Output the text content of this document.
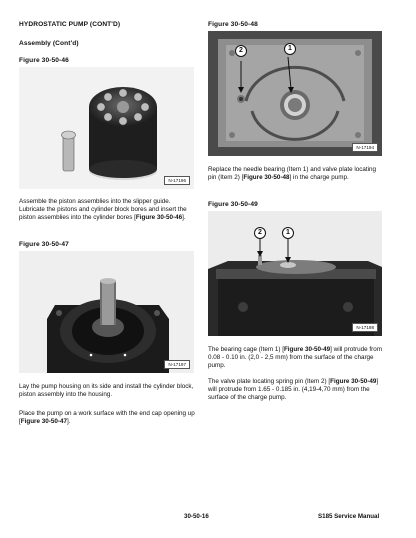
HYDROSTATIC PUMP (CONT'D)
Assembly (Cont'd)
Figure 30-50-46
N-17196
Assemble the piston assemblies into the slipper guide. Lubricate the pistons and cylinder block bores and insert the piston assemblies into the cylinder bores [Figure 30-50-46].
Figure 30-50-47
N-17197
Lay the pump housing on its side and install the cylinder block, piston assembly into the housing.
Place the pump on a work surface with the end cap opening up [Figure 30-50-47].
Figure 30-50-48
2	1
N-17194
Replace the needle bearing (Item 1) and valve plate locating pin (Item 2) [Figure 30-50-48] in the charge pump.
Figure 30-50-49
2	1
N-17198
The bearing cage (Item 1) [Figure 30-50-49] will protrude from 0.08 - 0.10 in. (2,0 - 2,5 mm) from the surface of the charge pump.
The valve plate locating spring pin (Item 2) [Figure 30-50-49] will protrude from 1.65 - 0.185 in. (4,19-4,70 mm) from the surface of the charge pump.
30-50-16	S185 Service Manual
